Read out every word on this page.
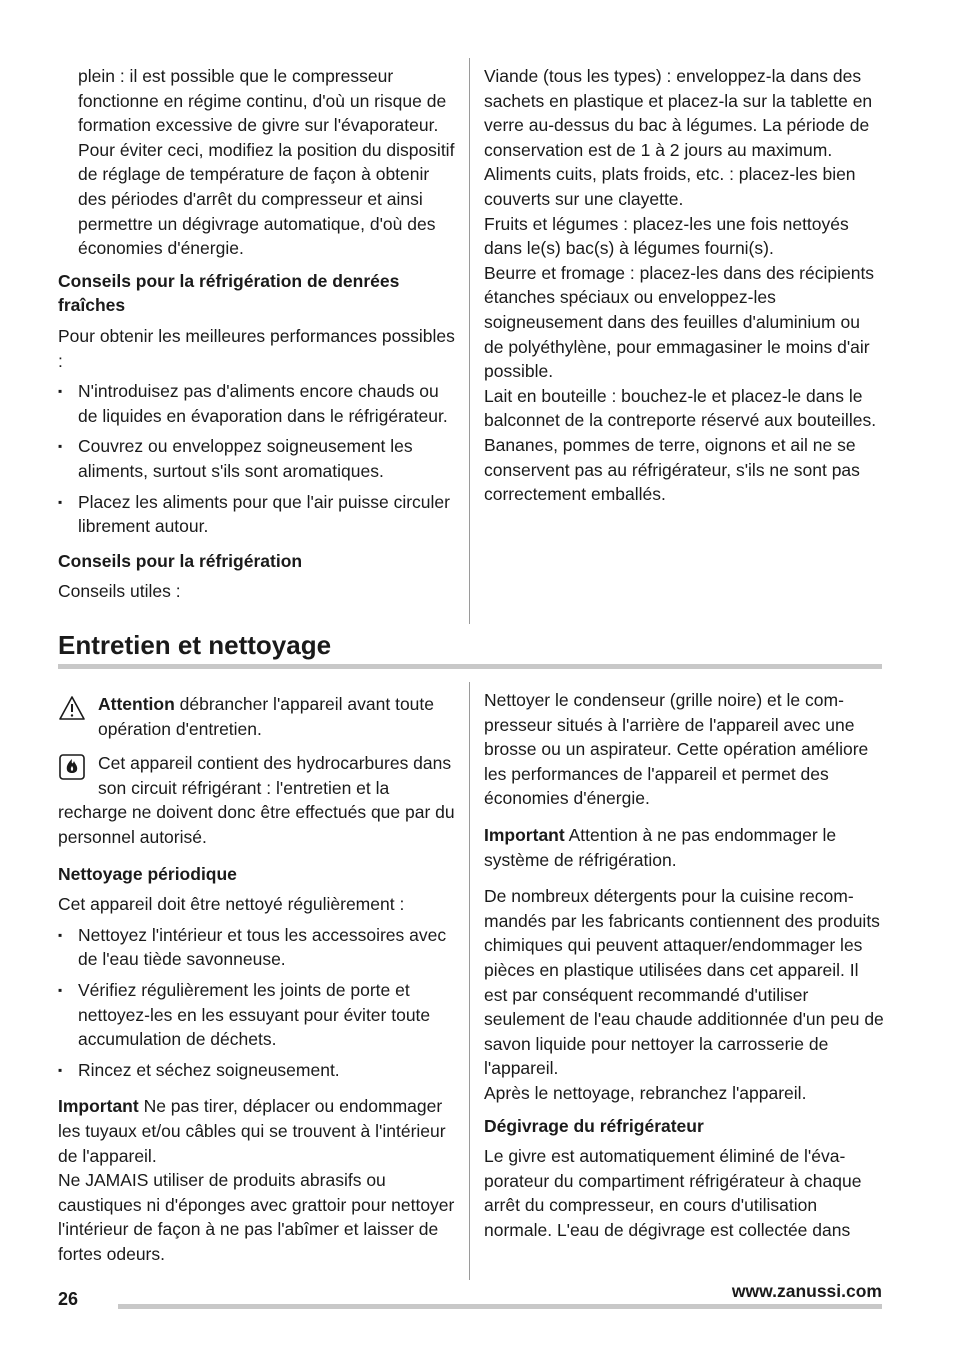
plein : il est possible que le compresseur fonctionne en régime continu, d'où un risque de formation excessive de givre sur l'évaporateur. Pour éviter ceci, modifiez la position du dispositif de réglage de température de façon à obtenir des périodes d'arrêt du compresseur et ainsi permettre un dégivrage automatique, d'où des économies d'énergie.

Conseils pour la réfrigération de denrées fraîches

Pour obtenir les meilleures performances possibles :

▪ N'introduisez pas d'aliments encore chauds ou de liquides en évaporation dans le réfrigérateur.

▪ Couvrez ou enveloppez soigneusement les aliments, surtout s'ils sont aromatiques.

▪ Placez les aliments pour que l'air puisse circuler librement autour.

Conseils pour la réfrigération

Conseils utiles :

Viande (tous les types) : enveloppez-la dans des sachets en plastique et placez-la sur la tablette en verre au-dessus du bac à légumes. La période de conservation est de 1 à 2 jours au maximum.

Aliments cuits, plats froids, etc. : placez-les bien couverts sur une clayette.

Fruits et légumes : placez-les une fois nettoyés dans le(s) bac(s) à légumes fourni(s).

Beurre et fromage : placez-les dans des récipients étanches spéciaux ou enveloppez-les soigneusement dans des feuilles d'aluminium ou de polyéthylène, pour emmagasiner le moins d'air possible.

Lait en bouteille : bouchez-le et placez-le dans le balconnet de la contreporte réservé aux bouteilles.

Bananes, pommes de terre, oignons et ail ne se conservent pas au réfrigérateur, s'ils ne sont pas correctement emballés.

Entretien et nettoyage

Attention débrancher l'appareil avant toute opération d'entretien.

Cet appareil contient des hydrocarbures dans son circuit réfrigérant : l'entretien et la recharge ne doivent donc être effectués que par du personnel autorisé.

Nettoyage périodique

Cet appareil doit être nettoyé régulièrement :

▪ Nettoyez l'intérieur et tous les accessoires avec de l'eau tiède savonneuse.

▪ Vérifiez régulièrement les joints de porte et nettoyez-les en les essuyant pour éviter toute accumulation de déchets.

▪ Rincez et séchez soigneusement.

Important Ne pas tirer, déplacer ou endommager les tuyaux et/ou câbles qui se trouvent à l'intérieur de l'appareil.

Ne JAMAIS utiliser de produits abrasifs ou caustiques ni d'éponges avec grattoir pour nettoyer l'intérieur de façon à ne pas l'abîmer et laisser de fortes odeurs.

Nettoyer le condenseur (grille noire) et le compresseur situés à l'arrière de l'appareil avec une brosse ou un aspirateur. Cette opération améliore les performances de l'appareil et permet des économies d'énergie.

Important Attention à ne pas endommager le système de réfrigération.

De nombreux détergents pour la cuisine recommandés par les fabricants contiennent des produits chimiques qui peuvent attaquer/endommager les pièces en plastique utilisées dans cet appareil. Il est par conséquent recommandé d'utiliser seulement de l'eau chaude additionnée d'un peu de savon liquide pour nettoyer la carrosserie de l'appareil.

Après le nettoyage, rebranchez l'appareil.

Dégivrage du réfrigérateur

Le givre est automatiquement éliminé de l'évaporateur du compartiment réfrigérateur à chaque arrêt du compresseur, en cours d'utilisation normale. L'eau de dégivrage est collectée dans

26	www.zanussi.com
